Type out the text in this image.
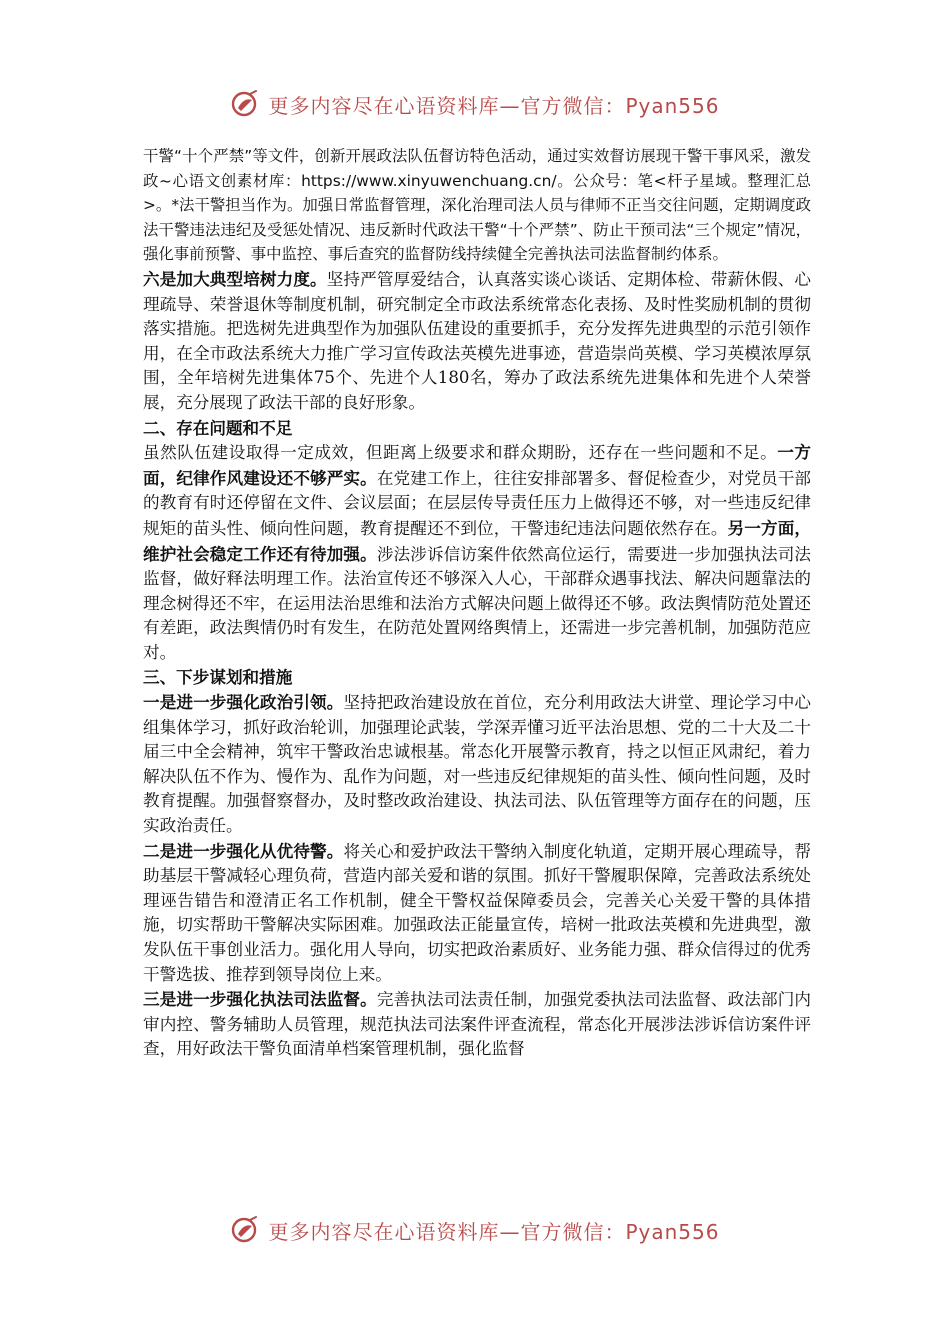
更多内容尽在心语资料库—官方微信：Pyan556

干警“十个严禁”等文件，创新开展政法队伍督访特色活动，通过实效督访展现干警干事风采，激发政~心语文创素材库：https://www.xinyuwenchuang.cn/。公众号：笔<杆子星域。整理汇总>。*法干警担当作为。加强日常监督管理，深化治理司法人员与律师不正当交往问题，定期调度政法干警违法违纪及受惩处情况、违反新时代政法干警“十个严禁”、防止干预司法“三个规定”情况，强化事前预警、事中监控、事后查究的监督防线持续健全完善执法司法监督制约体系。

六是加大典型培树力度。坚持严管厚爱结合，认真落实谈心谈话、定期体检、带薪休假、心理疏导、荣誉退休等制度机制，研究制定全市政法系统常态化表扬、及时性奖励机制的贯彻落实措施。把选树先进典型作为加强队伍建设的重要抓手，充分发挥先进典型的示范引领作用，在全市政法系统大力推广学习宣传政法英模先进事迹，营造崇尚英模、学习英模浓厚氛围，全年培树先进集体75个、先进个人180名，筹办了政法系统先进集体和先进个人荣誉展，充分展现了政法干部的良好形象。

二、存在问题和不足

虽然队伍建设取得一定成效，但距离上级要求和群众期盼，还存在一些问题和不足。一方面，纪律作风建设还不够严实。在党建工作上，往往安排部署多、督促检查少，对党员干部的教育有时还停留在文件、会议层面；在层层传导责任压力上做得还不够，对一些违反纪律规矩的苗头性、倾向性问题，教育提醒还不到位，干警违纪违法问题依然存在。另一方面，维护社会稳定工作还有待加强。涉法涉诉信访案件依然高位运行，需要进一步加强执法司法监督，做好释法明理工作。法治宣传还不够深入人心，干部群众遇事找法、解决问题靠法的理念树得还不牢，在运用法治思维和法治方式解决问题上做得还不够。政法舆情防范处置还有差距，政法舆情仍时有发生，在防范处置网络舆情上，还需进一步完善机制，加强防范应对。

三、下步谋划和措施

一是进一步强化政治引领。坚持把政治建设放在首位，充分利用政法大讲堂、理论学习中心组集体学习，抓好政治轮训，加强理论武装，学深弄懂习近平法治思想、党的二十大及二十届三中全会精神，筑牢干警政治忠诚根基。常态化开展警示教育，持之以恒正风肃纪，着力解决队伍不作为、慢作为、乱作为问题，对一些违反纪律规矩的苗头性、倾向性问题，及时教育提醒。加强督察督办，及时整改政治建设、执法司法、队伍管理等方面存在的问题，压实政治责任。

二是进一步强化从优待警。将关心和爱护政法干警纳入制度化轨道，定期开展心理疏导，帮助基层干警减轻心理负荷，营造内部关爱和谐的氛围。抓好干警履职保障，完善政法系统处理诬告错告和澄清正名工作机制，健全干警权益保障委员会，完善关心关爱干警的具体措施，切实帮助干警解决实际困难。加强政法正能量宣传，培树一批政法英模和先进典型，激发队伍干事创业活力。强化用人导向，切实把政治素质好、业务能力强、群众信得过的优秀干警选拔、推荐到领导岗位上来。

三是进一步强化执法司法监督。完善执法司法责任制，加强党委执法司法监督、政法部门内审内控、警务辅助人员管理，规范执法司法案件评查流程，常态化开展涉法涉诉信访案件评查，用好政法干警负面清单档案管理机制，强化监督

更多内容尽在心语资料库—官方微信：Pyan556
